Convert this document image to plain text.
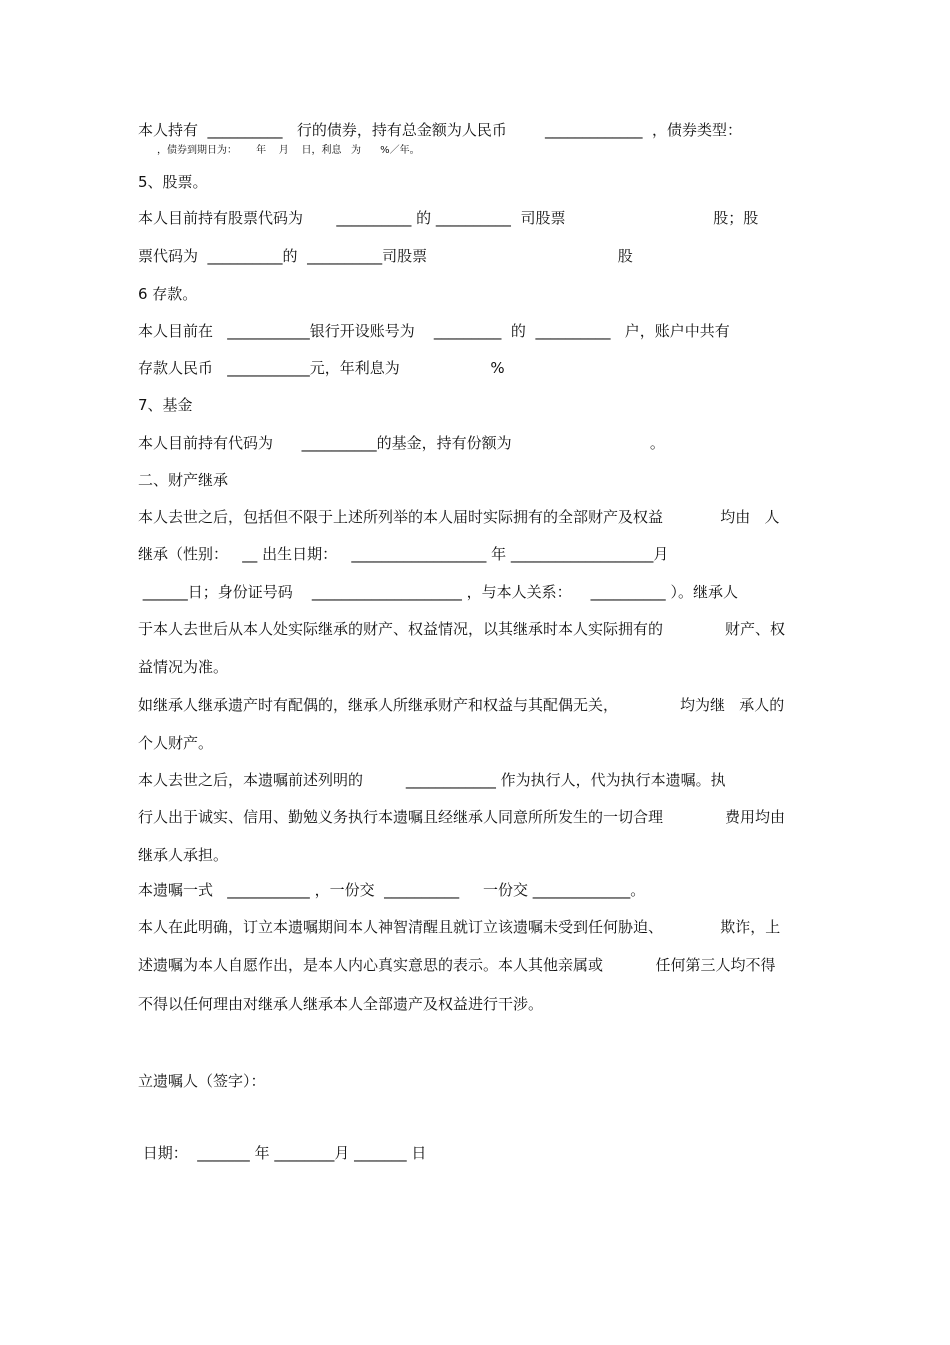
本人持有  __________   行的债券，持有总金额为人民币        _____________  ，债券类型：
，债券到期日为：      年    月    日，利息   为      %／年。
5、股票。
本人目前持有股票代码为       __________ 的 __________  司股票                               股；股
票代码为  __________的  __________司股票                                        股
6 存款。
本人目前在   ___________银行开设账号为    _________  的  __________   户，账户中共有
存款人民币   ___________元，年利息为                   %
7、基金
本人目前持有代码为      __________的基金，持有份额为                             。
二、财产继承
本人去世之后，包括但不限于上述所列举的本人届时实际拥有的全部财产及权益            均由   人
继承（性别：   __ 出生日期：   __________________ 年 ___________________月
______日；身份证号码    ____________________ ，与本人关系：    __________ ）。继承人
于本人去世后从本人处实际继承的财产、权益情况，以其继承时本人实际拥有的             财产、权
益情况为准。
如继承人继承遗产时有配偶的，继承人所继承财产和权益与其配偶无关，             均为继   承人的
个人财产。
本人去世之后，本遗嘱前述列明的         ____________ 作为执行人，代为执行本遗嘱。执
行人出于诚实、信用、勤勉义务执行本遗嘱且经继承人同意所所发生的一切合理             费用均由
继承人承担。
本遗嘱一式   ___________ ，一份交  __________     一份交 _____________。
本人在此明确，订立本遗嘱期间本人神智清醒且就订立该遗嘱未受到任何胁迫、            欺诈，上
述遗嘱为本人自愿作出，是本人内心真实意思的表示。本人其他亲属或           任何第三人均不得
不得以任何理由对继承人继承本人全部遗产及权益进行干涉。
立遗嘱人（签字）：
日期：  _______ 年 ________月 _______ 日
